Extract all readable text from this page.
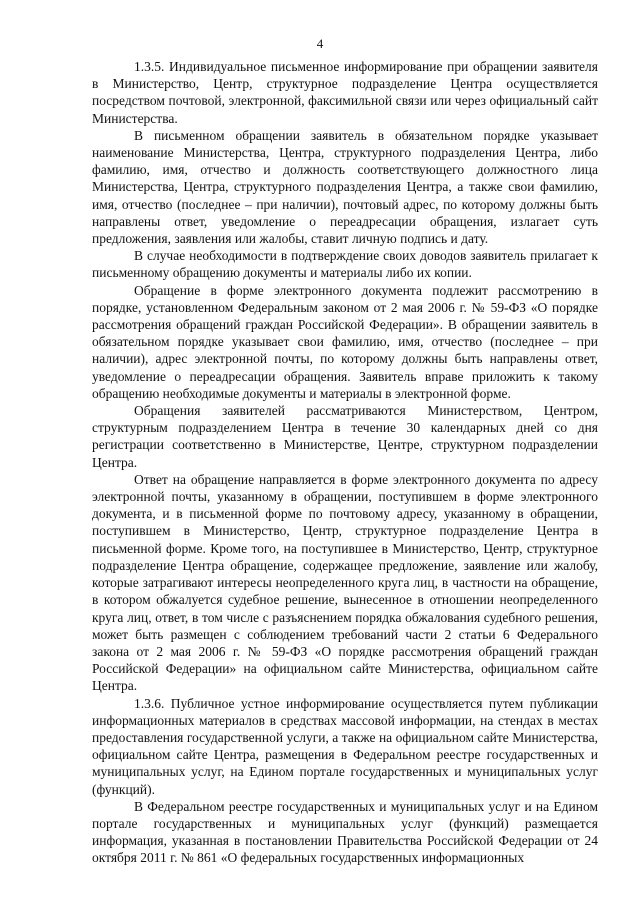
4

1.3.5. Индивидуальное письменное информирование при обращении заявителя в Министерство, Центр, структурное подразделение Центра осуществляется посредством почтовой, электронной, факсимильной связи или через официальный сайт Министерства.

В письменном обращении заявитель в обязательном порядке указывает наименование Министерства, Центра, структурного подразделения Центра, либо фамилию, имя, отчество и должность соответствующего должностного лица Министерства, Центра, структурного подразделения Центра, а также свои фамилию, имя, отчество (последнее – при наличии), почтовый адрес, по которому должны быть направлены ответ, уведомление о переадресации обращения, излагает суть предложения, заявления или жалобы, ставит личную подпись и дату.

В случае необходимости в подтверждение своих доводов заявитель прилагает к письменному обращению документы и материалы либо их копии.

Обращение в форме электронного документа подлежит рассмотрению в порядке, установленном Федеральным законом от 2 мая 2006 г. № 59-ФЗ «О порядке рассмотрения обращений граждан Российской Федерации». В обращении заявитель в обязательном порядке указывает свои фамилию, имя, отчество (последнее – при наличии), адрес электронной почты, по которому должны быть направлены ответ, уведомление о переадресации обращения. Заявитель вправе приложить к такому обращению необходимые документы и материалы в электронной форме.

Обращения заявителей рассматриваются Министерством, Центром, структурным подразделением Центра в течение 30 календарных дней со дня регистрации соответственно в Министерстве, Центре, структурном подразделении Центра.

Ответ на обращение направляется в форме электронного документа по адресу электронной почты, указанному в обращении, поступившем в форме электронного документа, и в письменной форме по почтовому адресу, указанному в обращении, поступившем в Министерство, Центр, структурное подразделение Центра в письменной форме. Кроме того, на поступившее в Министерство, Центр, структурное подразделение Центра обращение, содержащее предложение, заявление или жалобу, которые затрагивают интересы неопределенного круга лиц, в частности на обращение, в котором обжалуется судебное решение, вынесенное в отношении неопределенного круга лиц, ответ, в том числе с разъяснением порядка обжалования судебного решения, может быть размещен с соблюдением требований части 2 статьи 6 Федерального закона от 2 мая 2006 г. № 59-ФЗ «О порядке рассмотрения обращений граждан Российской Федерации» на официальном сайте Министерства, официальном сайте Центра.

1.3.6. Публичное устное информирование осуществляется путем публикации информационных материалов в средствах массовой информации, на стендах в местах предоставления государственной услуги, а также на официальном сайте Министерства, официальном сайте Центра, размещения в Федеральном реестре государственных и муниципальных услуг, на Едином портале государственных и муниципальных услуг (функций).

В Федеральном реестре государственных и муниципальных услуг и на Едином портале государственных и муниципальных услуг (функций) размещается информация, указанная в постановлении Правительства Российской Федерации от 24 октября 2011 г. № 861 «О федеральных государственных информационных
